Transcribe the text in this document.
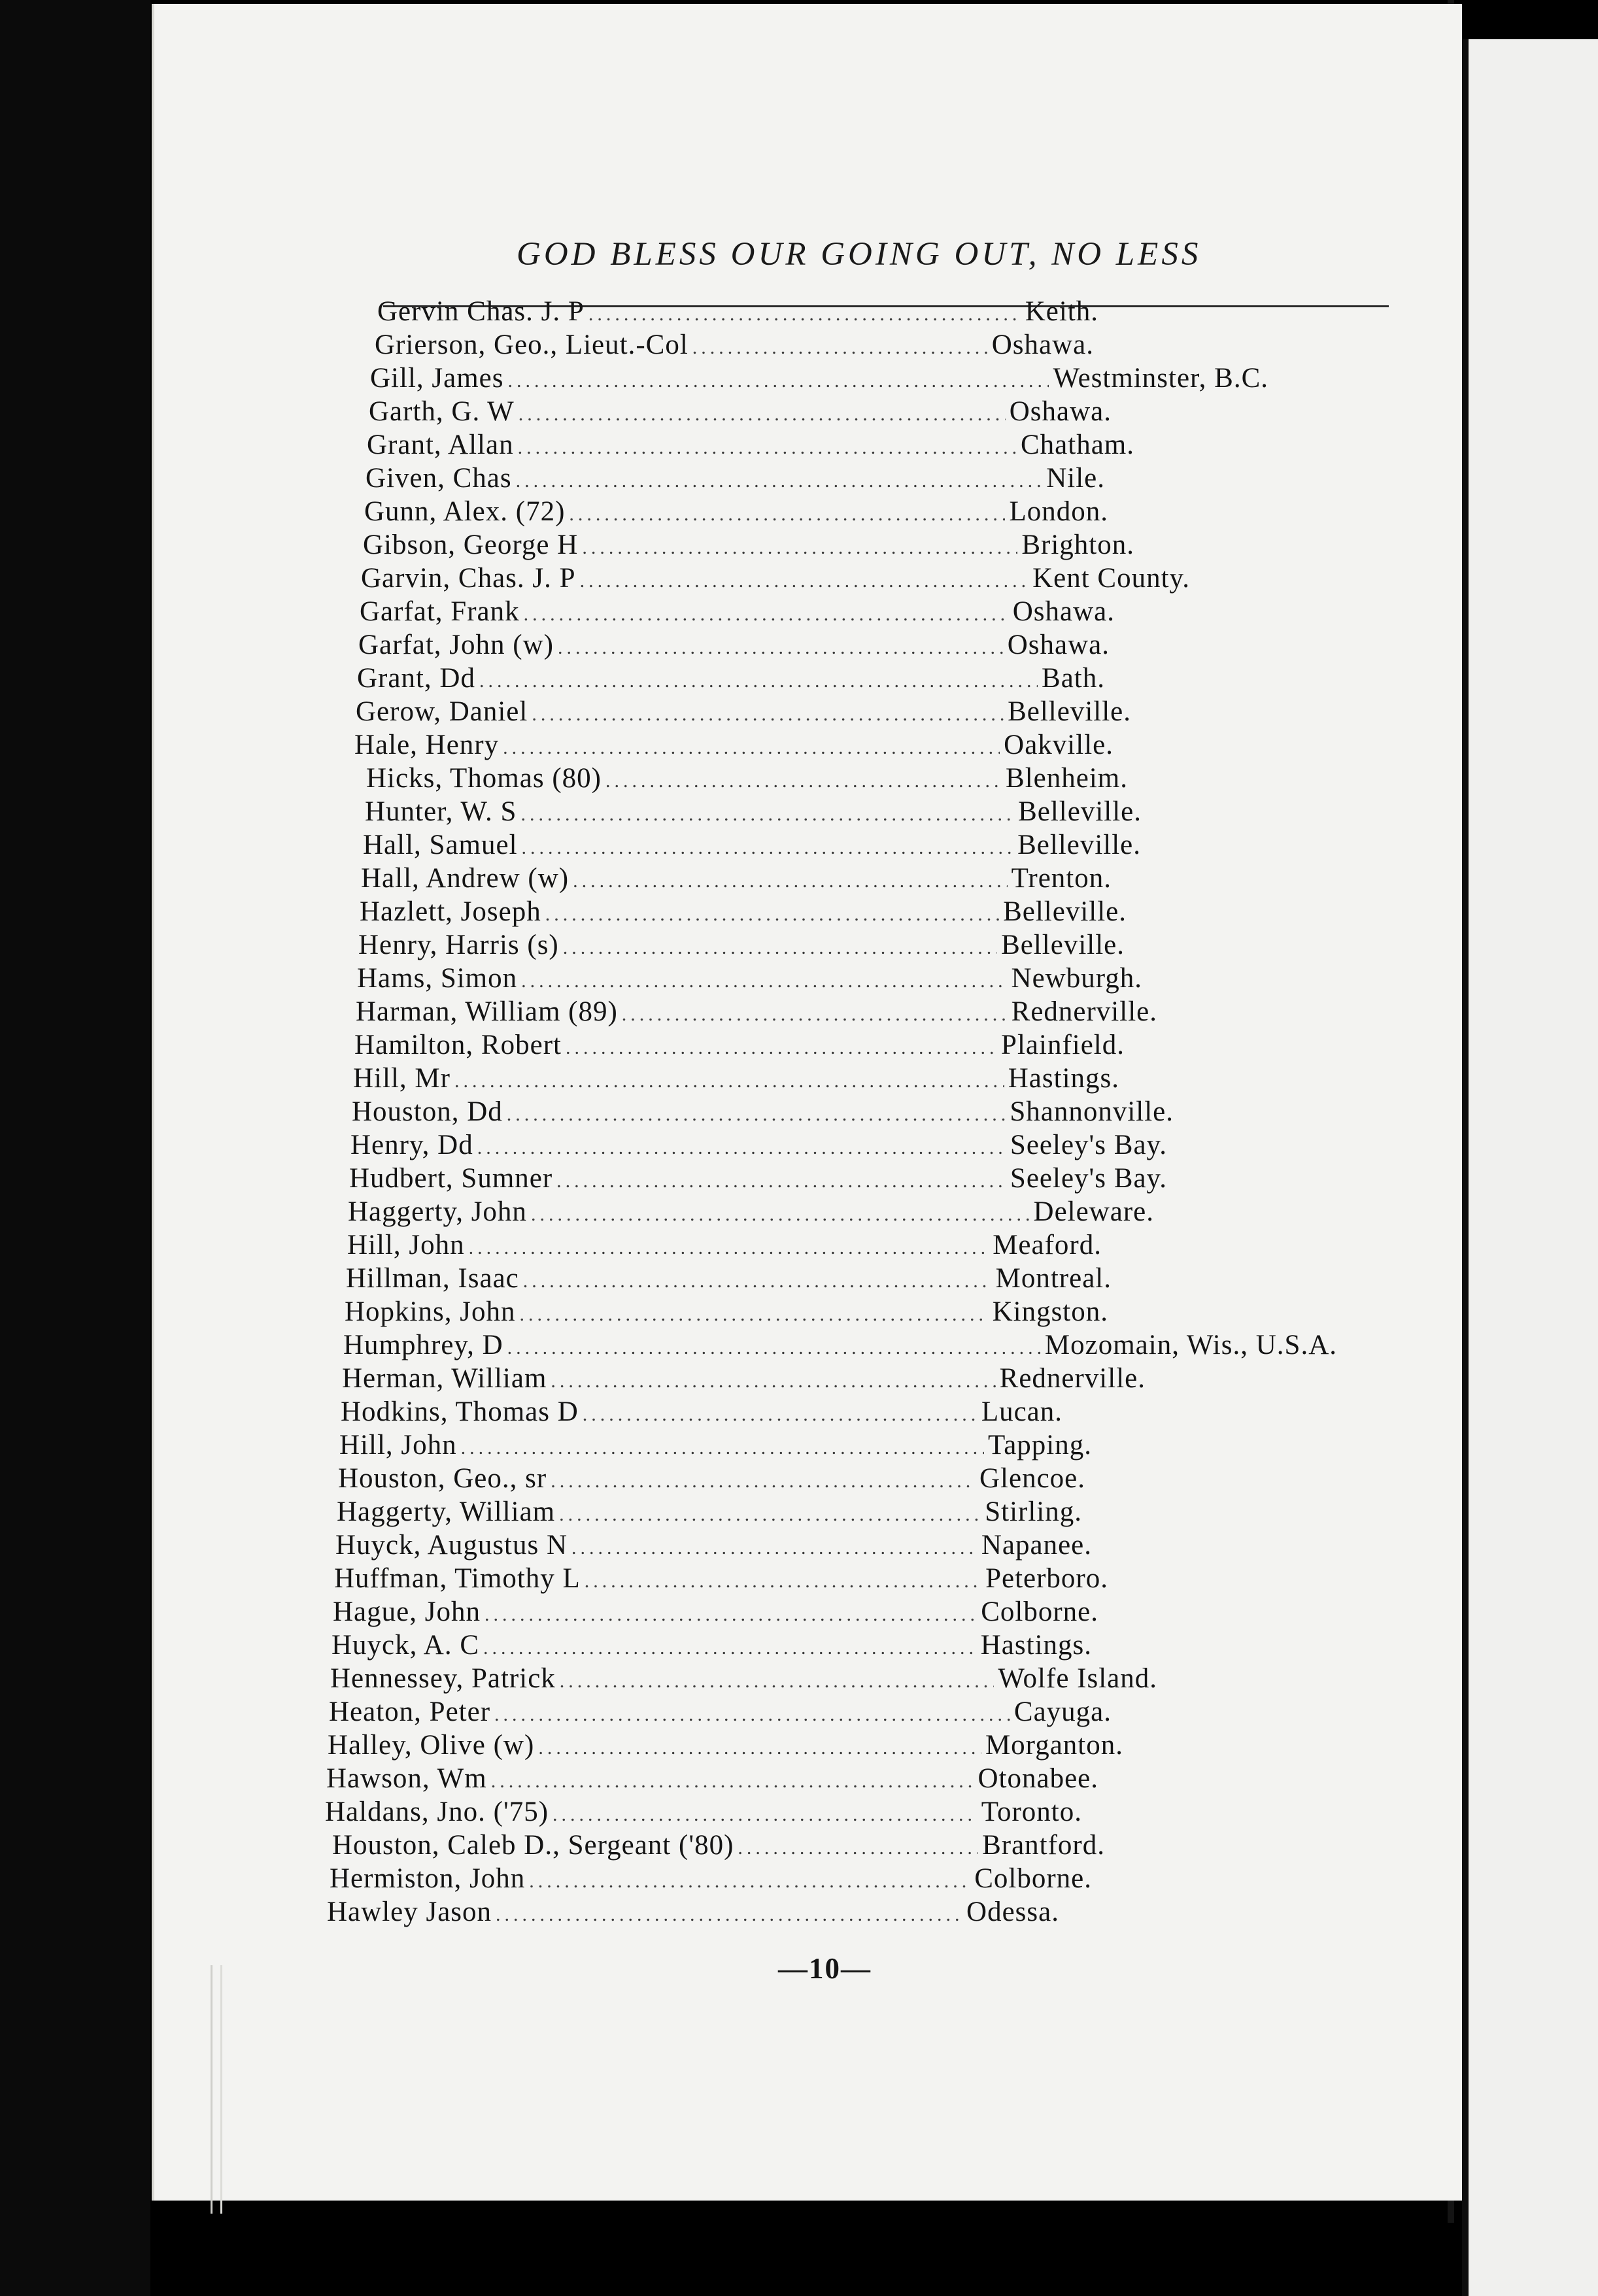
GOD BLESS OUR GOING OUT, NO LESS
Gervin Chas. J. P .....	Keith.
Grierson, Geo., Lieut.-Col .....	Oshawa.
Gill, James .....	Westminster, B.C.
Garth, G. W .....	Oshawa.
Grant, Allan .....	Chatham.
Given, Chas .....	Nile.
Gunn, Alex. (72) .....	London.
Gibson, George H .....	Brighton.
Garvin, Chas. J. P .....	Kent County.
Garfat, Frank .....	Oshawa.
Garfat, John (w) .....	Oshawa.
Grant, Dd .....	Bath.
Gerow, Daniel .....	Belleville.
Hale, Henry .....	Oakville.
Hicks, Thomas (80) .....	Blenheim.
Hunter, W. S .....	Belleville.
Hall, Samuel .....	Belleville.
Hall, Andrew (w) .....	Trenton.
Hazlett, Joseph .....	Belleville.
Henry, Harris (s) .....	Belleville.
Hams, Simon .....	Newburgh.
Harman, William (89) .....	Rednerville.
Hamilton, Robert .....	Plainfield.
Hill, Mr .....	Hastings.
Houston, Dd .....	Shannonville.
Henry, Dd .....	Seeley's Bay.
Hudbert, Sumner .....	Seeley's Bay.
Haggerty, John .....	Deleware.
Hill, John .....	Meaford.
Hillman, Isaac .....	Montreal.
Hopkins, John .....	Kingston.
Humphrey, D .....	Mozomain, Wis., U.S.A.
Herman, William .....	Rednerville.
Hodkins, Thomas D .....	Lucan.
Hill, John .....	Tapping.
Houston, Geo., sr .....	Glencoe.
Haggerty, William .....	Stirling.
Huyck, Augustus N .....	Napanee.
Huffman, Timothy L .....	Peterboro.
Hague, John .....	Colborne.
Huyck, A. C .....	Hastings.
Hennessey, Patrick .....	Wolfe Island.
Heaton, Peter .....	Cayuga.
Halley, Olive (w) .....	Morganton.
Hawson, Wm .....	Otonabee.
Haldans, Jno. ('75) .....	Toronto.
Houston, Caleb D., Sergeant ('80) .....	Brantford.
Hermiston, John .....	Colborne.
Hawley Jason .....	Odessa.
—10—
